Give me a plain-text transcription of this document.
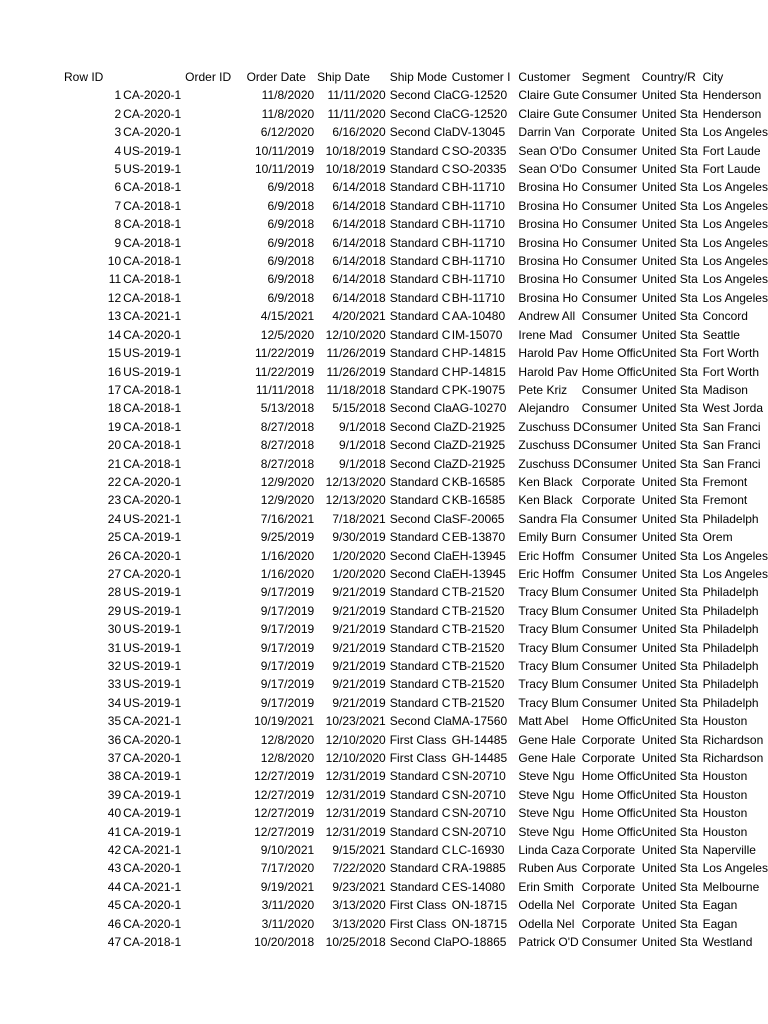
Row ID	Order ID	Order Date	Ship Date	Ship Mode	Customer I	Customer	Segment	Country/R	City
1	CA-2020-1	11/8/2020	11/11/2020	Second Cla	CG-12520	Claire Gute	Consumer	United Sta	Henderson
2	CA-2020-1	11/8/2020	11/11/2020	Second Cla	CG-12520	Claire Gute	Consumer	United Sta	Henderson
3	CA-2020-1	6/12/2020	6/16/2020	Second Cla	DV-13045	Darrin Van	Corporate	United Sta	Los Angeles
4	US-2019-1	10/11/2019	10/18/2019	Standard C	SO-20335	Sean O'Do	Consumer	United Sta	Fort Laude
5	US-2019-1	10/11/2019	10/18/2019	Standard C	SO-20335	Sean O'Do	Consumer	United Sta	Fort Laude
6	CA-2018-1	6/9/2018	6/14/2018	Standard C	BH-11710	Brosina Ho	Consumer	United Sta	Los Angeles
7	CA-2018-1	6/9/2018	6/14/2018	Standard C	BH-11710	Brosina Ho	Consumer	United Sta	Los Angeles
8	CA-2018-1	6/9/2018	6/14/2018	Standard C	BH-11710	Brosina Ho	Consumer	United Sta	Los Angeles
9	CA-2018-1	6/9/2018	6/14/2018	Standard C	BH-11710	Brosina Ho	Consumer	United Sta	Los Angeles
10	CA-2018-1	6/9/2018	6/14/2018	Standard C	BH-11710	Brosina Ho	Consumer	United Sta	Los Angeles
11	CA-2018-1	6/9/2018	6/14/2018	Standard C	BH-11710	Brosina Ho	Consumer	United Sta	Los Angeles
12	CA-2018-1	6/9/2018	6/14/2018	Standard C	BH-11710	Brosina Ho	Consumer	United Sta	Los Angeles
13	CA-2021-1	4/15/2021	4/20/2021	Standard C	AA-10480	Andrew All	Consumer	United Sta	Concord
14	CA-2020-1	12/5/2020	12/10/2020	Standard C	IM-15070	Irene Mad	Consumer	United Sta	Seattle
15	US-2019-1	11/22/2019	11/26/2019	Standard C	HP-14815	Harold Pav	Home Offic	United Sta	Fort Worth
16	US-2019-1	11/22/2019	11/26/2019	Standard C	HP-14815	Harold Pav	Home Offic	United Sta	Fort Worth
17	CA-2018-1	11/11/2018	11/18/2018	Standard C	PK-19075	Pete Kriz	Consumer	United Sta	Madison
18	CA-2018-1	5/13/2018	5/15/2018	Second Cla	AG-10270	Alejandro	Consumer	United Sta	West Jorda
19	CA-2018-1	8/27/2018	9/1/2018	Second Cla	ZD-21925	Zuschuss D	Consumer	United Sta	San Franci
20	CA-2018-1	8/27/2018	9/1/2018	Second Cla	ZD-21925	Zuschuss D	Consumer	United Sta	San Franci
21	CA-2018-1	8/27/2018	9/1/2018	Second Cla	ZD-21925	Zuschuss D	Consumer	United Sta	San Franci
22	CA-2020-1	12/9/2020	12/13/2020	Standard C	KB-16585	Ken Black	Corporate	United Sta	Fremont
23	CA-2020-1	12/9/2020	12/13/2020	Standard C	KB-16585	Ken Black	Corporate	United Sta	Fremont
24	US-2021-1	7/16/2021	7/18/2021	Second Cla	SF-20065	Sandra Fla	Consumer	United Sta	Philadelph
25	CA-2019-1	9/25/2019	9/30/2019	Standard C	EB-13870	Emily Burn	Consumer	United Sta	Orem
26	CA-2020-1	1/16/2020	1/20/2020	Second Cla	EH-13945	Eric Hoffm	Consumer	United Sta	Los Angeles
27	CA-2020-1	1/16/2020	1/20/2020	Second Cla	EH-13945	Eric Hoffm	Consumer	United Sta	Los Angeles
28	US-2019-1	9/17/2019	9/21/2019	Standard C	TB-21520	Tracy Blum	Consumer	United Sta	Philadelph
29	US-2019-1	9/17/2019	9/21/2019	Standard C	TB-21520	Tracy Blum	Consumer	United Sta	Philadelph
30	US-2019-1	9/17/2019	9/21/2019	Standard C	TB-21520	Tracy Blum	Consumer	United Sta	Philadelph
31	US-2019-1	9/17/2019	9/21/2019	Standard C	TB-21520	Tracy Blum	Consumer	United Sta	Philadelph
32	US-2019-1	9/17/2019	9/21/2019	Standard C	TB-21520	Tracy Blum	Consumer	United Sta	Philadelph
33	US-2019-1	9/17/2019	9/21/2019	Standard C	TB-21520	Tracy Blum	Consumer	United Sta	Philadelph
34	US-2019-1	9/17/2019	9/21/2019	Standard C	TB-21520	Tracy Blum	Consumer	United Sta	Philadelph
35	CA-2021-1	10/19/2021	10/23/2021	Second Cla	MA-17560	Matt Abel	Home Offic	United Sta	Houston
36	CA-2020-1	12/8/2020	12/10/2020	First Class	GH-14485	Gene Hale	Corporate	United Sta	Richardson
37	CA-2020-1	12/8/2020	12/10/2020	First Class	GH-14485	Gene Hale	Corporate	United Sta	Richardson
38	CA-2019-1	12/27/2019	12/31/2019	Standard C	SN-20710	Steve Ngu	Home Offic	United Sta	Houston
39	CA-2019-1	12/27/2019	12/31/2019	Standard C	SN-20710	Steve Ngu	Home Offic	United Sta	Houston
40	CA-2019-1	12/27/2019	12/31/2019	Standard C	SN-20710	Steve Ngu	Home Offic	United Sta	Houston
41	CA-2019-1	12/27/2019	12/31/2019	Standard C	SN-20710	Steve Ngu	Home Offic	United Sta	Houston
42	CA-2021-1	9/10/2021	9/15/2021	Standard C	LC-16930	Linda Caza	Corporate	United Sta	Naperville
43	CA-2020-1	7/17/2020	7/22/2020	Standard C	RA-19885	Ruben Aus	Corporate	United Sta	Los Angeles
44	CA-2021-1	9/19/2021	9/23/2021	Standard C	ES-14080	Erin Smith	Corporate	United Sta	Melbourne
45	CA-2020-1	3/11/2020	3/13/2020	First Class	ON-18715	Odella Nel	Corporate	United Sta	Eagan
46	CA-2020-1	3/11/2020	3/13/2020	First Class	ON-18715	Odella Nel	Corporate	United Sta	Eagan
47	CA-2018-1	10/20/2018	10/25/2018	Second Cla	PO-18865	Patrick O'D	Consumer	United Sta	Westland
